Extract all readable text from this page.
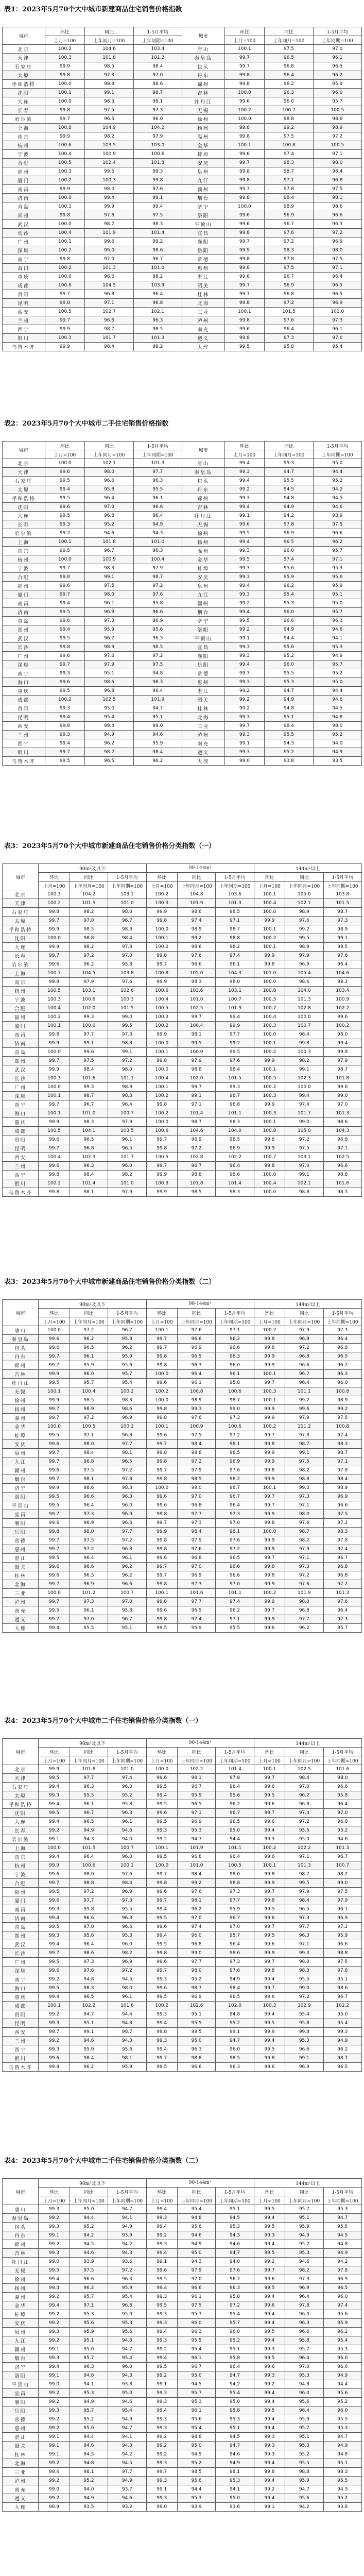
表1：2023年5月70个大中城市新建商品住宅销售价格指数
城市	环比	同比	1-5月平均	城市	环比	同比	1-5月平均
	上月=100	上年同月=100	上年同期=100		上月=100	上年同月=100	上年同期=100
北京	100.2	104.6	103.4	唐山	100.1	97.5	97.0
天津	100.3	101.8	101.2	秦皇岛	99.7	96.5	96.1
石家庄	99.9	98.5	98.4	包头	99.7	96.8	96.5
太原	99.8	97.3	97.0	丹东	99.8	96.4	96.2
呼和浩特	100.0	98.8	98.6	锦州	99.8	96.2	95.9
沈阳	100.1	99.1	98.7	吉林	100.0	96.3	96.0
大连	100.0	98.5	98.1	牡丹江	99.6	96.0	95.7
长春	99.8	97.5	97.3	无锡	100.2	100.7	100.5
哈尔滨	99.7	96.5	96.0	徐州	100.0	98.8	98.6
上海	100.8	104.9	104.2	扬州	99.8	99.2	98.9
南京	99.9	98.2	97.9	温州	99.8	97.5	97.2
杭州	100.6	103.5	103.0	金华	100.1	100.8	100.5
宁波	100.4	100.9	100.6	蚌埠	99.6	97.4	97.1
合肥	100.5	102.4	101.8	安庆	99.7	98.3	98.0
福州	100.3	99.6	99.3	泉州	99.8	98.7	98.4
厦门	100.2	100.3	99.8	九江	99.8	97.1	96.8
南昌	99.9	98.0	97.6	赣州	99.7	97.8	97.5
济南	100.0	99.4	99.1	烟台	99.8	98.4	98.1
青岛	100.1	99.9	99.4	济宁	100.0	98.9	98.6
郑州	99.8	97.8	97.5	洛阳	99.6	96.9	96.6
武汉	100.0	98.7	98.3	平顶山	99.6	96.7	96.3
长沙	100.4	101.9	101.4	宜昌	99.8	97.6	97.2
广州	100.1	99.6	99.2	襄阳	99.7	97.2	96.9
深圳	100.2	99.0	98.6	岳阳	99.9	98.3	98.0
南宁	99.8	97.0	96.7	常德	99.8	97.8	97.5
海口	100.2	101.3	101.0	惠州	99.8	97.5	97.1
重庆	100.0	98.6	98.2	湛江	99.6	96.7	96.4
成都	100.6	104.5	103.9	韶关	99.7	96.9	96.5
贵阳	99.7	96.8	96.4	桂林	99.7	96.8	96.5
昆明	99.8	97.1	96.8	北海	99.8	97.2	96.9
西安	100.5	102.7	102.1	三亚	100.1	101.5	101.0
兰州	99.7	96.6	96.3	泸州	99.8	97.6	97.3
西宁	99.9	98.7	98.5	南充	99.6	96.4	96.1
银川	100.3	101.7	101.3	遵义	99.8	97.3	97.0
乌鲁木齐	99.9	98.4	98.2	大理	99.5	95.8	95.4
表2：2023年5月70个大中城市二手住宅销售价格指数
城市	环比	同比	1-5月平均	城市	环比	同比	1-5月平均
	上月=100	上年同月=100	上年同期=100		上月=100	上年同月=100	上年同期=100
北京	100.0	102.1	101.3	唐山	99.4	95.3	95.0
天津	99.6	98.0	97.7	秦皇岛	99.3	94.7	94.4
石家庄	99.5	96.6	96.3	包头	99.4	95.5	95.2
太原	99.4	95.8	95.5	丹东	99.2	94.5	94.2
呼和浩特	99.5	96.4	96.1	锦州	99.3	94.8	94.5
沈阳	99.6	97.0	96.6	吉林	99.4	94.9	94.6
大连	99.5	96.8	96.4	牡丹江	99.1	94.2	93.9
长春	99.3	95.2	94.9	无锡	99.6	97.8	97.5
哈尔滨	99.2	94.6	94.3	徐州	99.5	96.9	96.6
上海	100.1	101.8	101.0	扬州	99.4	96.5	96.2
南京	99.5	96.7	96.3	温州	99.3	96.0	95.7
杭州	100.0	100.9	100.4	金华	99.5	97.4	97.1
宁波	99.7	98.3	97.9	蚌埠	99.3	95.6	95.3
合肥	99.8	99.1	98.7	安庆	99.3	95.9	95.6
福州	99.6	97.5	97.2	泉州	99.4	96.2	95.9
厦门	99.7	98.0	97.6	九江	99.3	95.4	95.1
南昌	99.4	96.1	95.8	赣州	99.2	95.3	95.0
济南	99.5	96.9	96.6	烟台	99.4	96.0	95.7
青岛	99.6	97.3	96.9	济宁	99.5	96.6	96.3
郑州	99.4	95.9	95.6	洛阳	99.2	94.9	94.6
武汉	99.5	96.7	96.3	平顶山	99.1	94.4	94.1
长沙	99.8	98.9	98.5	宜昌	99.3	95.6	95.3
广州	99.6	97.6	97.2	襄阳	99.3	95.2	94.9
深圳	99.7	97.9	97.5	岳阳	99.4	96.0	95.7
南宁	99.3	95.1	94.8	常德	99.3	95.5	95.2
海口	99.6	98.6	98.3	惠州	99.3	95.3	95.0
重庆	99.5	96.8	96.4	湛江	99.2	94.7	94.4
成都	100.2	102.5	101.9	韶关	99.2	94.9	94.6
贵阳	99.3	95.0	94.7	桂林	99.2	94.8	94.5
昆明	99.4	95.4	95.1	北海	99.3	95.1	94.8
西安	99.8	99.4	99.0	三亚	99.7	98.4	98.0
兰州	99.3	94.9	94.6	泸州	99.3	95.5	95.2
西宁	99.4	96.2	95.9	南充	99.1	94.3	94.0
银川	99.7	98.7	98.4	遵义	99.3	95.2	94.9
乌鲁木齐	99.5	96.5	96.2	大理	99.0	93.8	93.5
表3：2023年5月70个大中城市新建商品住宅销售价格分类指数（一）
城市	90m²及以下			90-144m²			144m²以上		
	环比	同比	1-5月平均	环比	同比	1-5月平均	环比	同比	1-5月平均
	上月=100	上年同月=100	上年同期=100	上月=100	上年同月=100	上年同期=100	上月=100	上年同月=100	上年同期=100
北京	100.3	104.2	103.1	100.2	104.8	103.6	100.1	105.0	103.8
天津	100.2	101.5	101.0	100.3	101.9	101.3	100.4	102.1	101.5
石家庄	99.8	98.2	98.0	99.9	98.6	98.5	100.0	98.9	98.7
太原	99.7	97.0	96.7	99.8	97.4	97.1	99.9	97.6	97.3
呼和浩特	99.9	98.5	98.3	100.0	98.9	98.7	100.1	99.2	98.9
沈阳	100.0	98.8	98.4	100.1	99.2	98.8	100.2	99.5	99.1
大连	99.9	98.2	97.8	100.0	98.6	98.2	100.1	98.9	98.5
长春	99.7	97.2	97.0	99.8	97.6	97.4	99.9	97.9	97.6
哈尔滨	99.6	96.2	95.8	99.7	96.6	96.1	99.8	96.9	96.4
上海	100.7	104.5	103.8	100.8	105.0	104.3	101.0	105.4	104.6
南京	99.8	97.9	97.6	99.9	98.3	98.0	100.0	98.6	98.2
杭州	100.5	103.1	102.6	100.6	103.6	103.1	100.8	104.0	103.4
宁波	100.3	100.6	100.3	100.4	101.0	100.7	100.5	101.3	100.9
合肥	100.4	102.0	101.5	100.5	102.5	101.9	100.7	102.8	102.2
福州	100.2	99.3	99.0	100.3	99.7	99.4	100.4	100.0	99.6
厦门	100.1	100.0	99.5	100.2	100.4	99.9	100.3	100.7	100.2
南昌	99.8	97.7	97.3	99.9	98.1	97.7	100.0	98.4	98.0
济南	99.9	99.1	98.8	100.0	99.5	99.2	100.1	99.8	99.4
青岛	100.0	99.6	99.1	100.1	100.0	99.5	100.2	100.3	99.8
郑州	99.7	97.5	97.2	99.8	97.9	97.6	99.9	98.2	97.9
武汉	99.9	98.4	98.0	100.0	98.8	98.4	100.1	99.1	98.7
长沙	100.3	101.6	101.1	100.4	102.0	101.5	100.5	102.3	101.8
广州	100.0	99.3	98.9	100.1	99.7	99.3	100.2	100.0	99.6
深圳	100.1	98.7	98.3	100.2	99.1	98.7	100.3	99.4	99.0
南宁	99.7	96.7	96.4	99.8	97.1	96.8	99.9	97.4	97.0
海口	100.1	101.0	100.7	100.2	101.4	101.1	100.3	101.7	101.3
重庆	99.9	98.3	97.9	100.0	98.7	98.3	100.1	99.0	98.6
成都	100.5	104.1	103.5	100.6	104.6	104.0	100.8	105.0	104.3
贵阳	99.6	96.5	96.1	99.7	96.9	96.5	99.8	97.2	96.8
昆明	99.7	96.8	96.5	99.8	97.2	96.9	99.9	97.5	97.1
西安	100.4	102.3	101.7	100.5	102.8	102.2	100.7	103.1	102.5
兰州	99.6	96.3	96.0	99.7	96.7	96.4	99.8	97.0	96.6
西宁	99.8	98.4	98.2	99.9	98.8	98.6	100.0	99.1	98.8
银川	100.2	101.4	101.0	100.3	101.8	101.4	100.4	102.1	101.6
乌鲁木齐	99.8	98.1	97.9	99.9	98.5	98.3	100.0	98.8	98.5
表3：2023年5月70个大中城市新建商品住宅销售价格分类指数（二）
城市	90m²及以下			90-144m²			144m²以上		
	环比	同比	1-5月平均	环比	同比	1-5月平均	环比	同比	1-5月平均
	上月=100	上年同月=100	上年同期=100	上月=100	上年同月=100	上年同期=100	上月=100	上年同月=100	上年同期=100
唐山	100.0	97.2	96.7	100.1	97.6	97.1	100.2	97.9	97.3
秦皇岛	99.6	96.2	95.8	99.7	96.6	96.2	99.8	96.9	96.4
包头	99.6	96.5	96.2	99.7	96.9	96.6	99.8	97.2	96.8
丹东	99.7	96.1	95.9	99.8	96.5	96.3	99.9	96.8	96.5
锦州	99.7	95.9	95.6	99.8	96.3	96.0	99.9	96.6	96.2
吉林	99.9	96.0	95.7	100.0	96.4	96.1	100.1	96.7	96.3
牡丹江	99.5	95.7	95.4	99.6	96.1	95.8	99.7	96.4	96.0
无锡	100.1	100.4	100.2	100.2	100.8	100.6	100.3	101.1	100.8
徐州	99.9	98.5	98.3	100.0	98.9	98.7	100.1	99.2	98.9
扬州	99.7	98.9	98.6	99.8	99.3	99.0	99.9	99.6	99.2
温州	99.7	97.2	96.9	99.8	97.6	97.3	99.9	97.9	97.5
金华	100.0	100.5	100.2	100.1	100.9	100.6	100.2	101.2	100.8
蚌埠	99.5	97.1	96.8	99.6	97.5	97.2	99.7	97.8	97.4
安庆	99.6	98.0	97.7	99.7	98.4	98.1	99.8	98.7	98.3
泉州	99.7	98.4	98.1	99.8	98.8	98.5	99.9	99.1	98.7
九江	99.7	96.8	96.5	99.8	97.2	96.9	99.9	97.5	97.1
赣州	99.6	97.5	97.2	99.7	97.9	97.6	99.8	98.2	97.8
烟台	99.7	98.1	97.8	99.8	98.5	98.2	99.9	98.8	98.4
济宁	99.9	98.6	98.3	100.0	99.0	98.7	100.1	99.3	98.9
洛阳	99.5	96.6	96.3	99.6	97.0	96.7	99.7	97.3	96.9
平顶山	99.5	96.4	96.0	99.6	96.8	96.4	99.7	97.1	96.6
宜昌	99.7	97.3	96.9	99.8	97.7	97.3	99.9	98.0	97.5
襄阳	99.6	96.9	96.6	99.7	97.3	97.0	99.8	97.6	97.2
岳阳	99.8	98.0	97.7	99.9	98.4	98.1	100.0	98.7	98.3
常德	99.7	97.5	97.2	99.8	97.9	97.6	99.9	98.2	97.8
惠州	99.7	97.2	96.8	99.8	97.6	97.2	99.9	97.9	97.4
湛江	99.5	96.4	96.1	99.6	96.8	96.5	99.7	97.1	96.7
韶关	99.6	96.6	96.2	99.7	97.0	96.6	99.8	97.3	96.8
桂林	99.6	96.5	96.2	99.7	96.9	96.6	99.8	97.2	96.8
北海	99.7	96.9	96.6	99.8	97.3	97.0	99.9	97.6	97.2
三亚	100.0	101.2	100.7	100.1	101.6	101.1	100.2	101.9	101.3
泸州	99.7	97.3	97.0	99.8	97.7	97.4	99.9	98.0	97.6
南充	99.5	96.1	95.8	99.6	96.5	96.2	99.7	96.8	96.4
遵义	99.7	97.0	96.7	99.8	97.4	97.1	99.9	97.7	97.3
大理	99.4	95.5	95.1	99.5	95.9	95.5	99.6	96.2	95.7
表4：2023年5月70个大中城市二手住宅销售价格分类指数（一）
城市	90m²及以下			90-144m²			144m²以上		
	环比	同比	1-5月平均	环比	同比	1-5月平均	环比	同比	1-5月平均
	上月=100	上年同月=100	上年同期=100	上月=100	上年同月=100	上年同期=100	上月=100	上年同月=100	上年同期=100
北京	99.9	101.8	101.0	100.0	102.2	101.4	100.1	102.5	101.6
天津	99.5	97.7	97.4	99.6	98.1	97.8	99.7	98.4	98.0
石家庄	99.4	96.3	96.0	99.5	96.7	96.4	99.6	97.0	96.6
太原	99.3	95.5	95.2	99.4	95.9	95.6	99.5	96.2	95.8
呼和浩特	99.4	96.1	95.8	99.5	96.5	96.2	99.6	96.8	96.4
沈阳	99.5	96.7	96.3	99.6	97.1	96.7	99.7	97.4	97.0
大连	99.4	96.5	96.1	99.5	96.9	96.5	99.6	97.2	96.8
长春	99.2	94.9	94.6	99.3	95.3	95.0	99.4	95.6	95.2
哈尔滨	99.1	94.3	94.0	99.2	94.7	94.4	99.3	95.0	94.6
上海	100.0	101.5	100.7	100.1	101.9	101.1	100.2	102.2	101.3
南京	99.4	96.4	96.0	99.5	96.8	96.4	99.6	97.1	96.7
杭州	99.9	100.6	100.1	100.0	101.0	100.5	100.1	101.3	100.7
宁波	99.6	98.0	97.6	99.7	98.4	98.0	99.8	98.7	98.2
合肥	99.7	98.8	98.4	99.8	99.2	98.8	99.9	99.5	99.0
福州	99.5	97.2	96.9	99.6	97.6	97.3	99.7	97.9	97.5
厦门	99.6	97.7	97.3	99.7	98.1	97.7	99.8	98.4	97.9
南昌	99.3	95.8	95.5	99.4	96.2	95.9	99.5	96.5	96.1
济南	99.4	96.6	96.3	99.5	97.0	96.7	99.6	97.3	96.9
青岛	99.5	97.0	96.6	99.6	97.4	97.0	99.7	97.7	97.2
郑州	99.3	95.6	95.3	99.4	96.0	95.7	99.5	96.3	95.9
武汉	99.4	96.4	96.0	99.5	96.8	96.4	99.6	97.1	96.6
长沙	99.7	98.6	98.2	99.8	99.0	98.6	99.9	99.3	98.8
广州	99.5	97.3	96.9	99.6	97.7	97.3	99.7	98.0	97.5
深圳	99.6	97.6	97.2	99.7	98.0	97.6	99.8	98.3	97.8
南宁	99.2	94.8	94.5	99.3	95.2	94.9	99.4	95.5	95.1
海口	99.5	98.3	98.0	99.6	98.7	98.4	99.7	99.0	98.6
重庆	99.4	96.5	96.1	99.5	96.9	96.5	99.6	97.2	96.7
成都	100.1	102.2	101.6	100.2	102.6	102.0	100.3	102.9	102.2
贵阳	99.2	94.7	94.4	99.3	95.1	94.8	99.4	95.4	95.0
昆明	99.3	95.1	94.8	99.4	95.5	95.2	99.5	95.8	95.4
西安	99.7	99.1	98.7	99.8	99.5	99.1	99.9	99.8	99.3
兰州	99.2	94.6	94.3	99.3	95.0	94.7	99.4	95.3	94.9
西宁	99.3	95.9	95.6	99.4	96.3	96.0	99.5	96.6	96.2
银川	99.6	98.4	98.1	99.7	98.8	98.5	99.8	99.1	98.7
乌鲁木齐	99.4	96.2	95.9	99.5	96.6	96.3	99.6	96.9	96.5
表4：2023年5月70个大中城市二手住宅销售价格分类指数（二）
城市	90m²及以下			90-144m²			144m²以上		
	环比	同比	1-5月平均	环比	同比	1-5月平均	环比	同比	1-5月平均
	上月=100	上年同月=100	上年同期=100	上月=100	上年同月=100	上年同期=100	上月=100	上年同月=100	上年同期=100
唐山	99.3	95.0	94.7	99.4	95.4	95.1	99.5	95.7	95.3
秦皇岛	99.2	94.4	94.1	99.3	94.8	94.5	99.4	95.1	94.7
包头	99.3	95.2	94.9	99.4	95.6	95.3	99.5	95.9	95.5
丹东	99.1	94.2	93.9	99.2	94.6	94.3	99.3	94.9	94.5
锦州	99.2	94.5	94.2	99.3	94.9	94.6	99.4	95.2	94.8
吉林	99.3	94.6	94.3	99.4	95.0	94.7	99.5	95.3	94.9
牡丹江	99.0	93.9	93.6	99.1	94.3	94.0	99.2	94.6	94.2
无锡	99.5	97.5	97.2	99.6	97.9	97.6	99.7	98.2	97.8
徐州	99.4	96.6	96.3	99.5	97.0	96.7	99.6	97.3	96.9
扬州	99.3	96.2	95.9	99.4	96.6	96.3	99.5	96.9	96.5
温州	99.2	95.7	95.4	99.3	96.1	95.8	99.4	96.4	96.0
金华	99.4	97.1	96.8	99.5	97.5	97.2	99.6	97.8	97.4
蚌埠	99.2	95.3	95.0	99.3	95.7	95.4	99.4	96.0	95.6
安庆	99.2	95.6	95.3	99.3	96.0	95.7	99.4	96.3	95.9
泉州	99.3	95.9	95.6	99.4	96.3	96.0	99.5	96.6	96.2
九江	99.2	95.1	94.8	99.3	95.5	95.2	99.4	95.8	95.4
赣州	99.1	95.0	94.7	99.2	95.4	95.1	99.3	95.7	95.3
烟台	99.3	95.7	95.4	99.4	96.1	95.8	99.5	96.4	96.0
济宁	99.4	96.3	96.0	99.5	96.7	96.4	99.6	97.0	96.6
洛阳	99.1	94.6	94.3	99.2	95.0	94.7	99.3	95.3	94.9
平顶山	99.0	94.1	93.8	99.1	94.5	94.2	99.2	94.8	94.4
宜昌	99.2	95.3	95.0	99.3	95.7	95.4	99.4	96.0	95.6
襄阳	99.2	94.9	94.6	99.3	95.3	95.0	99.4	95.6	95.2
岳阳	99.3	95.7	95.4	99.4	96.1	95.8	99.5	96.4	96.0
常德	99.2	95.2	94.9	99.3	95.6	95.3	99.4	95.9	95.5
惠州	99.2	95.0	94.7	99.3	95.4	95.1	99.4	95.7	95.3
湛江	99.1	94.4	94.1	99.2	94.8	94.5	99.3	95.1	94.7
韶关	99.1	94.6	94.3	99.2	95.0	94.7	99.3	95.3	94.9
桂林	99.1	94.5	94.2	99.2	94.9	94.6	99.3	95.2	94.8
北海	99.2	94.8	94.5	99.3	95.2	94.9	99.4	95.5	95.1
三亚	99.6	98.1	97.7	99.7	98.5	98.1	99.8	98.8	98.3
泸州	99.2	95.2	94.9	99.3	95.6	95.3	99.4	95.9	95.5
南充	99.0	94.0	93.7	99.1	94.4	94.1	99.2	94.7	94.3
遵义	99.2	94.9	94.6	99.3	95.3	95.0	99.4	95.6	95.2
大理	98.9	93.5	93.2	99.0	93.9	93.6	99.1	94.2	93.8
